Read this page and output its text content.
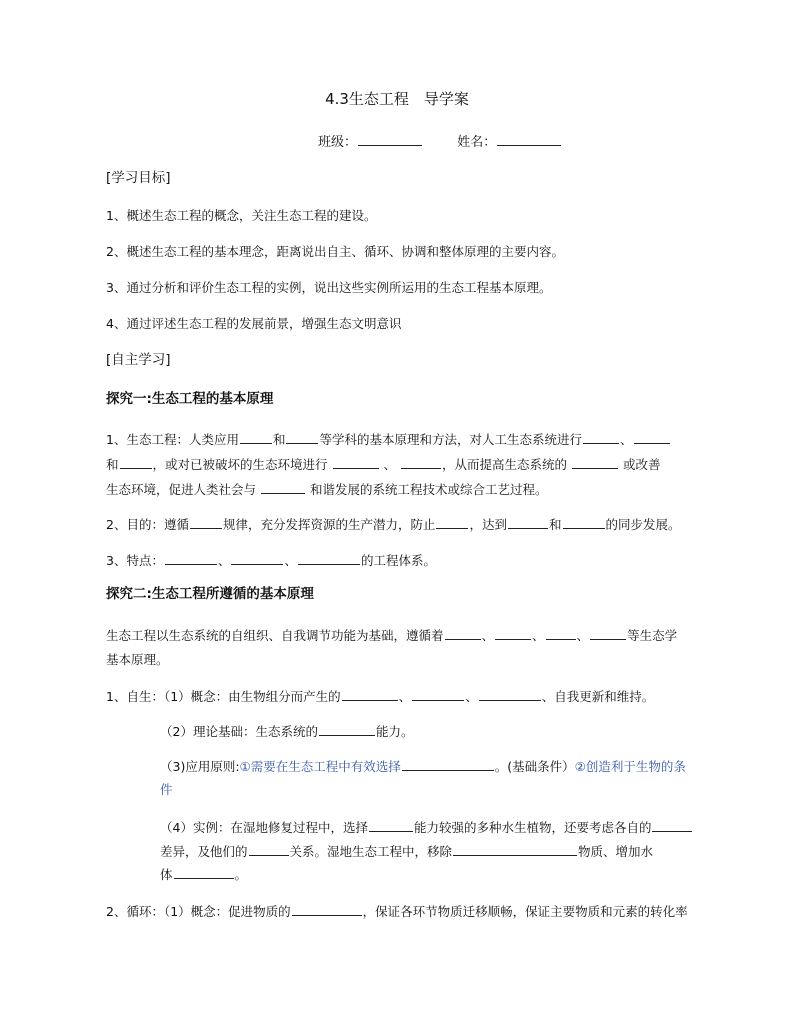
4.3生态工程　导学案
班级：	姓名：
[学习目标]
1、概述生态工程的概念，关注生态工程的建设。
2、概述生态工程的基本理念，距离说出自主、循环、协调和整体原理的主要内容。
3、通过分析和评价生态工程的实例，说出这些实例所运用的生态工程基本原理。
4、通过评述生态工程的发展前景，增强生态文明意识
[自主学习]
探究一:生态工程的基本原理
1、生态工程：人类应用	和	等学科的基本原理和方法，对人工生态系统进行	、
和	，或对已被破坏的生态环境进行	、	，从而提高生态系统的	或改善
生态环境，促进人类社会与	和谐发展的系统工程技术或综合工艺过程。
2、目的：遵循	规律，充分发挥资源的生产潜力，防止	，达到	和	的同步发展。
3、特点：	、	、	的工程体系。
探究二:生态工程所遵循的基本原理
生态工程以生态系统的自组织、自我调节功能为基础，遵循着	、	、	、	等生态学
基本原理。
1、自生：（1）概念：由生物组分而产生的	、	、	、自我更新和维持。
（2）理论基础：生态系统的	能力。
（3)应用原则:①需要在生态工程中有效选择	。(基础条件）②创造利于生物的条
件
（4）实例：在湿地修复过程中，选择	能力较强的多种水生植物，还要考虑各自的
差异，及他们的	关系。湿地生态工程中，移除	物质、增加水
体	。
2、循环：（1）概念：促进物质的	，保证各环节物质迁移顺畅，保证主要物质和元素的转化率
